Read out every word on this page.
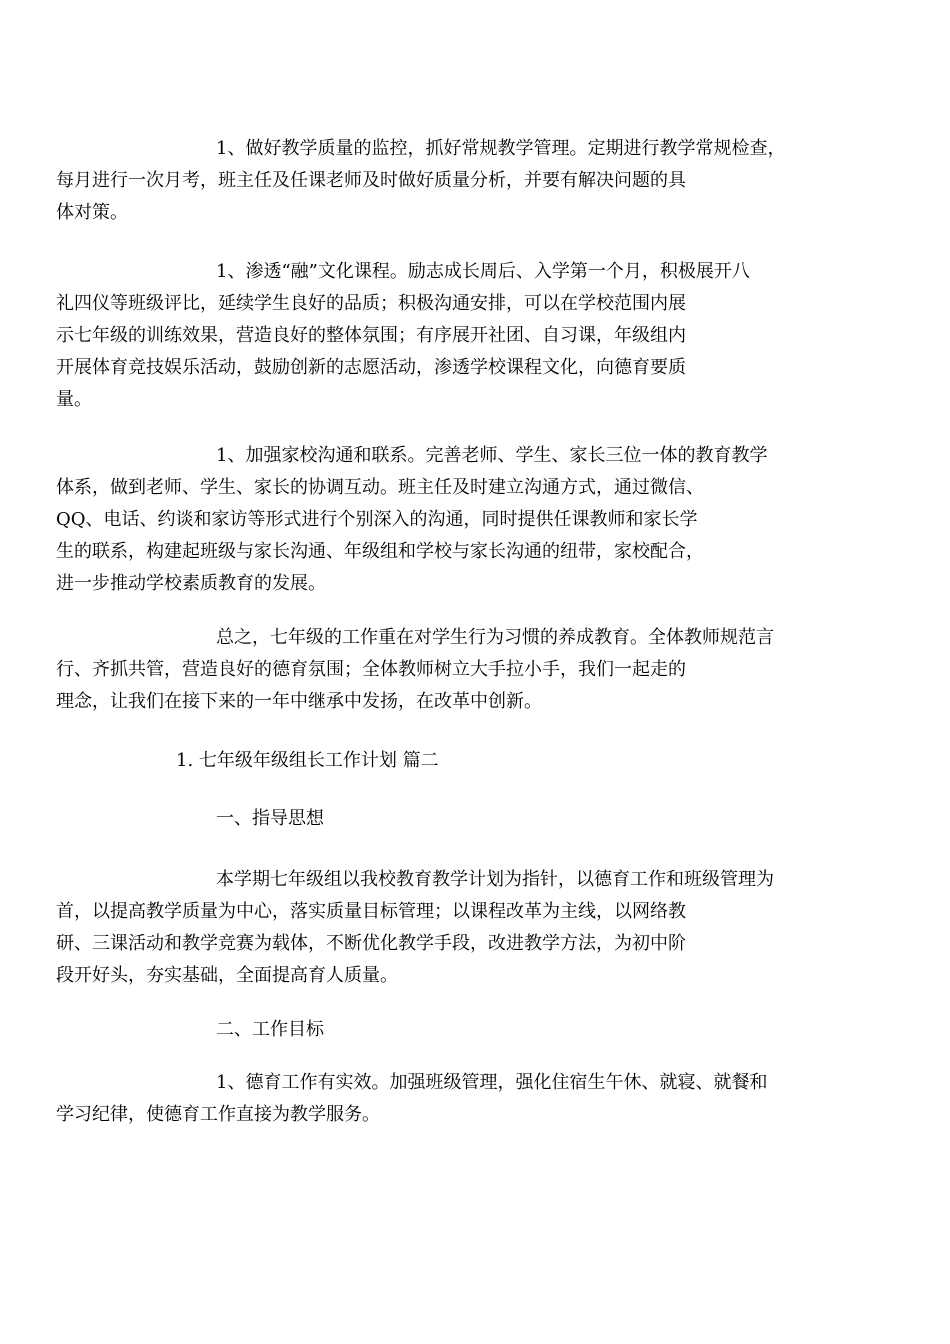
1、做好教学质量的监控，抓好常规教学管理。定期进行教学常规检查，
每月进行一次月考，班主任及任课老师及时做好质量分析，并要有解决问题的具
体对策。
1、渗透“融”文化课程。励志成长周后、入学第一个月，积极展开八
礼四仪等班级评比，延续学生良好的品质；积极沟通安排，可以在学校范围内展
示七年级的训练效果，营造良好的整体氛围；有序展开社团、自习课，年级组内
开展体育竞技娱乐活动，鼓励创新的志愿活动，渗透学校课程文化，向德育要质
量。
1、加强家校沟通和联系。完善老师、学生、家长三位一体的教育教学
体系，做到老师、学生、家长的协调互动。班主任及时建立沟通方式，通过微信、
QQ、电话、约谈和家访等形式进行个别深入的沟通，同时提供任课教师和家长学
生的联系，构建起班级与家长沟通、年级组和学校与家长沟通的纽带，家校配合，
进一步推动学校素质教育的发展。
总之，七年级的工作重在对学生行为习惯的养成教育。全体教师规范言
行、齐抓共管，营造良好的德育氛围；全体教师树立大手拉小手，我们一起走的
理念，让我们在接下来的一年中继承中发扬，在改革中创新。
1. 七年级年级组长工作计划 篇二
一、指导思想
本学期七年级组以我校教育教学计划为指针，以德育工作和班级管理为
首，以提高教学质量为中心，落实质量目标管理；以课程改革为主线，以网络教
研、三课活动和教学竞赛为载体，不断优化教学手段，改进教学方法，为初中阶
段开好头，夯实基础，全面提高育人质量。
二、工作目标
1、德育工作有实效。加强班级管理，强化住宿生午休、就寝、就餐和
学习纪律，使德育工作直接为教学服务。
